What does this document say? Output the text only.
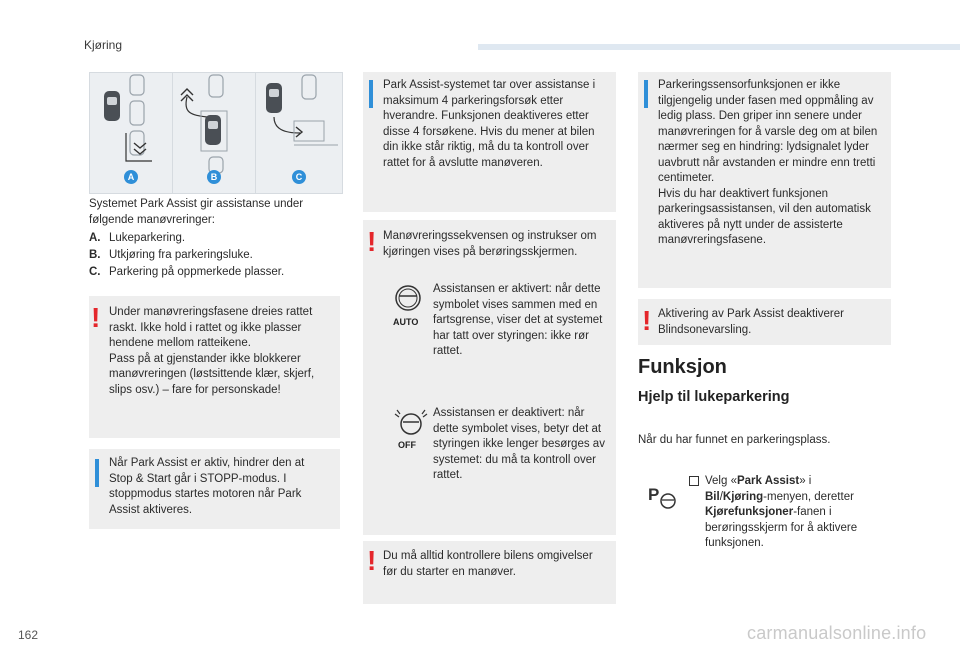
Kjøring
A	B	C
Systemet Park Assist gir assistanse under følgende manøvreringer:
A. Lukeparkering.
B. Utkjøring fra parkeringsluke.
C. Parkering på oppmerkede plasser.
! Under manøvreringsfasene dreies rattet raskt. Ikke hold i rattet og ikke plasser hendene mellom ratteikene.
Pass på at gjenstander ikke blokkerer manøvreringen (løstsittende klær, skjerf, slips osv.) – fare for personskade!
Når Park Assist er aktiv, hindrer den at Stop & Start går i STOPP-modus. I stoppmodus startes motoren når Park Assist aktiveres.
Park Assist-systemet tar over assistanse i maksimum 4 parkeringsforsøk etter hverandre. Funksjonen deaktiveres etter disse 4 forsøkene. Hvis du mener at bilen din ikke står riktig, må du ta kontroll over rattet for å avslutte manøveren.
! Manøvreringssekvensen og instrukser om kjøringen vises på berøringsskjermen.
AUTO
Assistansen er aktivert: når dette symbolet vises sammen med en fartsgrense, viser det at systemet har tatt over styringen: ikke rør rattet.
OFF
Assistansen er deaktivert: når dette symbolet vises, betyr det at styringen ikke lenger besørges av systemet: du må ta kontroll over rattet.
! Du må alltid kontrollere bilens omgivelser før du starter en manøver.
Parkeringssensorfunksjonen er ikke tilgjengelig under fasen med oppmåling av ledig plass. Den griper inn senere under manøvreringen for å varsle deg om at bilen nærmer seg en hindring: lydsignalet lyder uavbrutt når avstanden er mindre enn tretti centimeter.
Hvis du har deaktivert funksjonen parkeringsassistansen, vil den automatisk aktiveres på nytt under de assisterte manøvreringsfasene.
! Aktivering av Park Assist deaktiverer Blindsonevarsling.
Funksjon
Hjelp til lukeparkering
Når du har funnet en parkeringsplass.
P
Velg «Park Assist» i Bil/Kjøring-menyen, deretter Kjørefunksjoner-fanen i berøringsskjerm for å aktivere funksjonen.
162	carmanualsonline.info
